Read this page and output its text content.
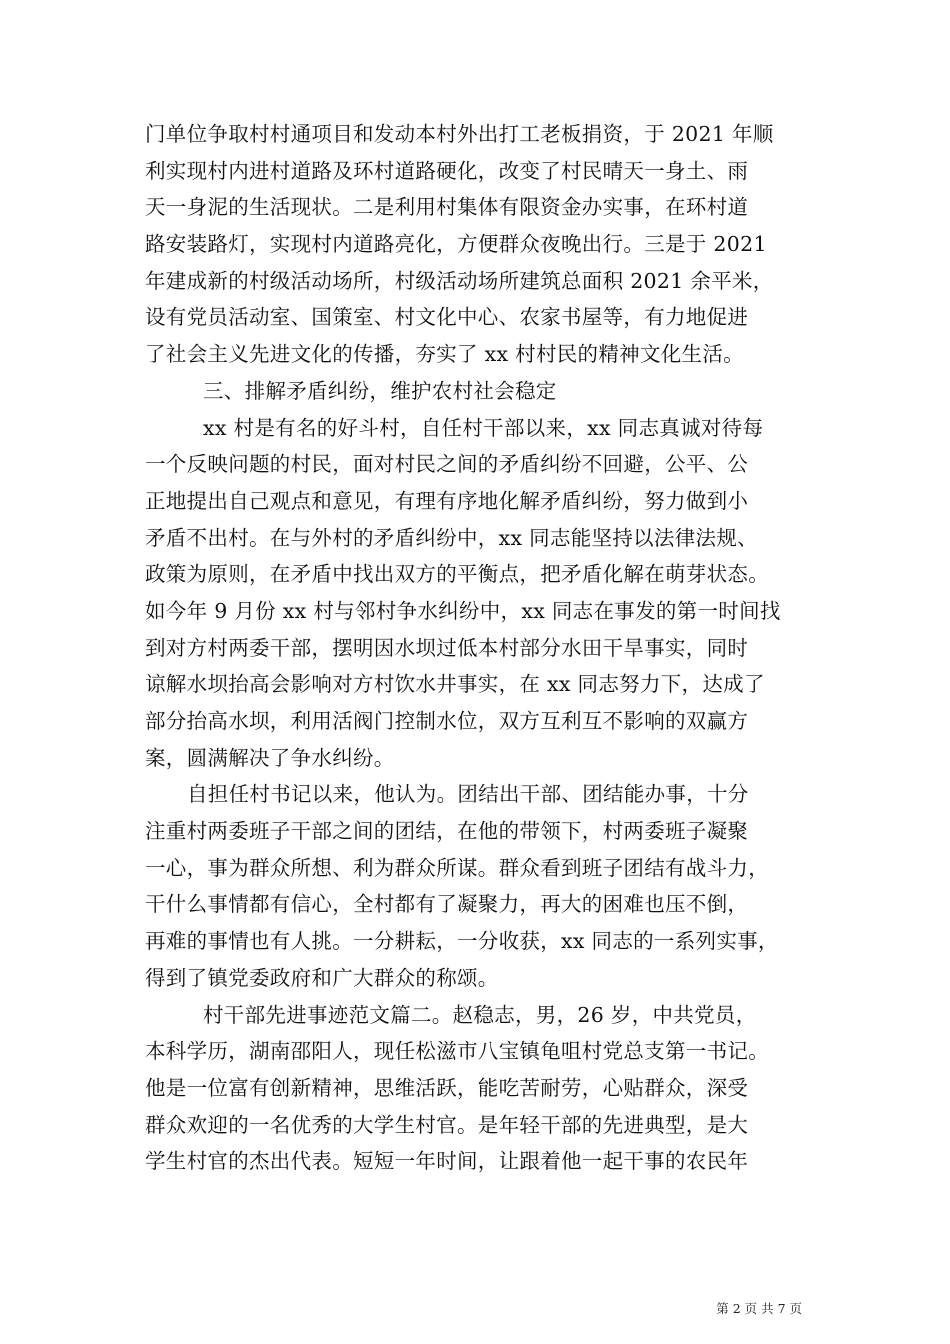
门单位争取村村通项目和发动本村外出打工老板捐资，于 2021 年顺
利实现村内进村道路及环村道路硬化，改变了村民晴天一身土、雨
天一身泥的生活现状。二是利用村集体有限资金办实事，在环村道
路安装路灯，实现村内道路亮化，方便群众夜晚出行。三是于 2021
年建成新的村级活动场所，村级活动场所建筑总面积 2021 余平米，
设有党员活动室、国策室、村文化中心、农家书屋等，有力地促进
了社会主义先进文化的传播，夯实了 xx 村村民的精神文化生活。
三、排解矛盾纠纷，维护农村社会稳定
xx 村是有名的好斗村，自任村干部以来，xx 同志真诚对待每
一个反映问题的村民，面对村民之间的矛盾纠纷不回避，公平、公
正地提出自己观点和意见，有理有序地化解矛盾纠纷，努力做到小
矛盾不出村。在与外村的矛盾纠纷中，xx 同志能坚持以法律法规、
政策为原则，在矛盾中找出双方的平衡点，把矛盾化解在萌芽状态。
如今年 9 月份 xx 村与邻村争水纠纷中，xx 同志在事发的第一时间找
到对方村两委干部，摆明因水坝过低本村部分水田干旱事实，同时
谅解水坝抬高会影响对方村饮水井事实，在 xx 同志努力下，达成了
部分抬高水坝，利用活阀门控制水位，双方互利互不影响的双赢方
案，圆满解决了争水纠纷。
自担任村书记以来，他认为。团结出干部、团结能办事，十分
注重村两委班子干部之间的团结，在他的带领下，村两委班子凝聚
一心，事为群众所想、利为群众所谋。群众看到班子团结有战斗力，
干什么事情都有信心，全村都有了凝聚力，再大的困难也压不倒，
再难的事情也有人挑。一分耕耘，一分收获，xx 同志的一系列实事，
得到了镇党委政府和广大群众的称颂。
村干部先进事迹范文篇二。赵稳志，男，26 岁，中共党员，
本科学历，湖南邵阳人，现任松滋市八宝镇龟咀村党总支第一书记。
他是一位富有创新精神，思维活跃，能吃苦耐劳，心贴群众，深受
群众欢迎的一名优秀的大学生村官。是年轻干部的先进典型，是大
学生村官的杰出代表。短短一年时间，让跟着他一起干事的农民年
第 2 页 共 7 页
